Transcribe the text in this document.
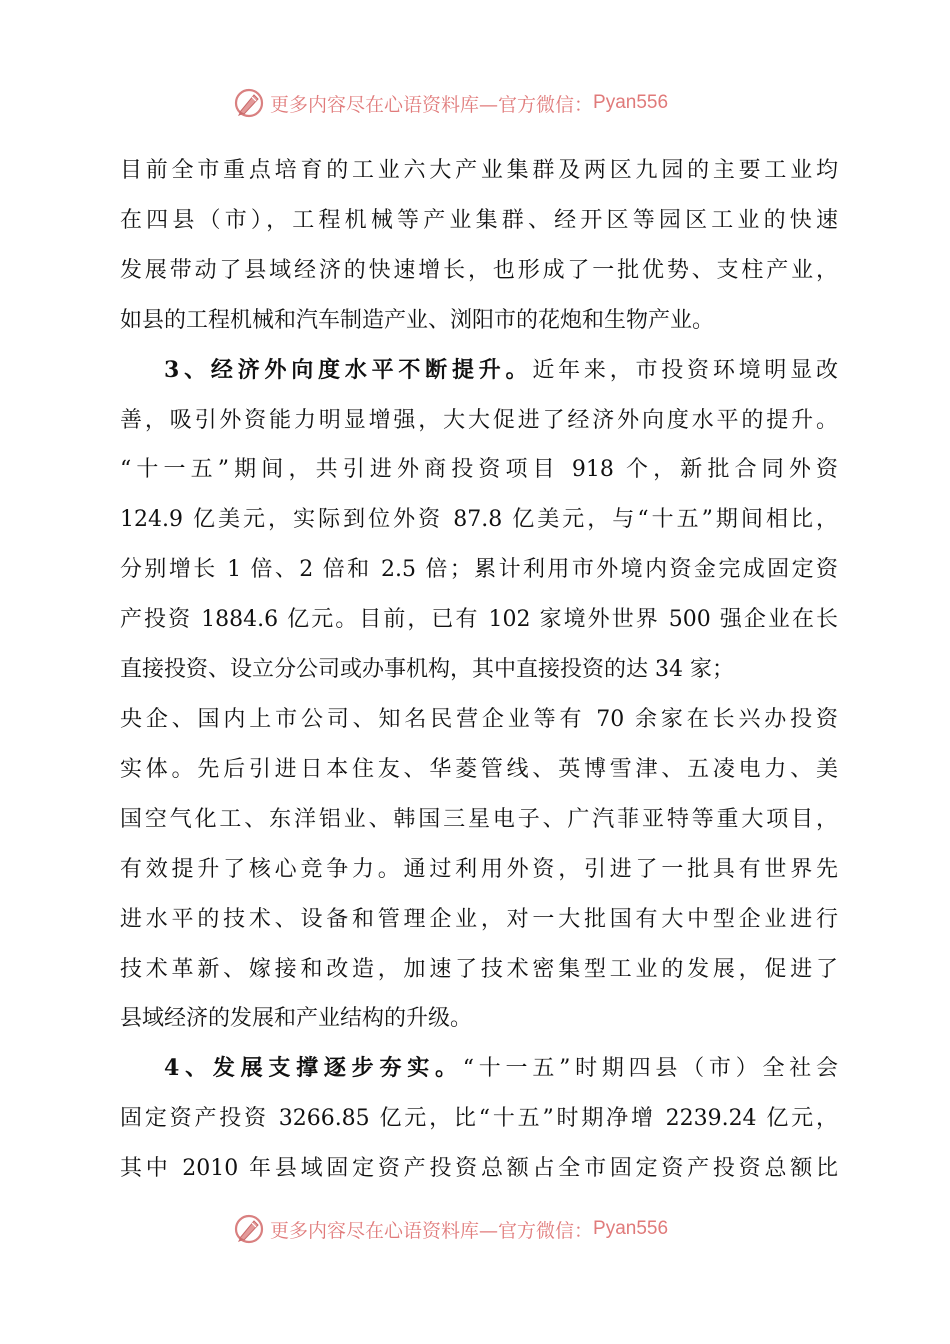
更多内容尽在心语资料库—官方微信： Pyan556

目前全市重点培育的工业六大产业集群及两区九园的主要工业均

在四县（市），工程机械等产业集群、经开区等园区工业的快速

发展带动了县域经济的快速增长，也形成了一批优势、支柱产业，

如县的工程机械和汽车制造产业、浏阳市的花炮和生物产业。

3、经济外向度水平不断提升。近年来，市投资环境明显改

善，吸引外资能力明显增强，大大促进了经济外向度水平的提升。

“十一五”期间，共引进外商投资项目 918 个，新批合同外资

124.9 亿美元，实际到位外资 87.8 亿美元，与“十五”期间相比，

分别增长 1 倍、2 倍和 2.5 倍；累计利用市外境内资金完成固定资

产投资 1884.6 亿元。目前，已有 102 家境外世界 500 强企业在长

直接投资、设立分公司或办事机构，其中直接投资的达 34 家；

央企、国内上市公司、知名民营企业等有 70 余家在长兴办投资

实体。先后引进日本住友、华菱管线、英博雪津、五凌电力、美

国空气化工、东洋铝业、韩国三星电子、广汽菲亚特等重大项目，

有效提升了核心竞争力。通过利用外资，引进了一批具有世界先

进水平的技术、设备和管理企业，对一大批国有大中型企业进行

技术革新、嫁接和改造，加速了技术密集型工业的发展，促进了

县域经济的发展和产业结构的升级。

4、发展支撑逐步夯实。“十一五”时期四县（市）全社会

固定资产投资 3266.85 亿元，比“十五”时期净增 2239.24 亿元，

其中 2010 年县域固定资产投资总额占全市固定资产投资总额比

更多内容尽在心语资料库—官方微信： Pyan556
